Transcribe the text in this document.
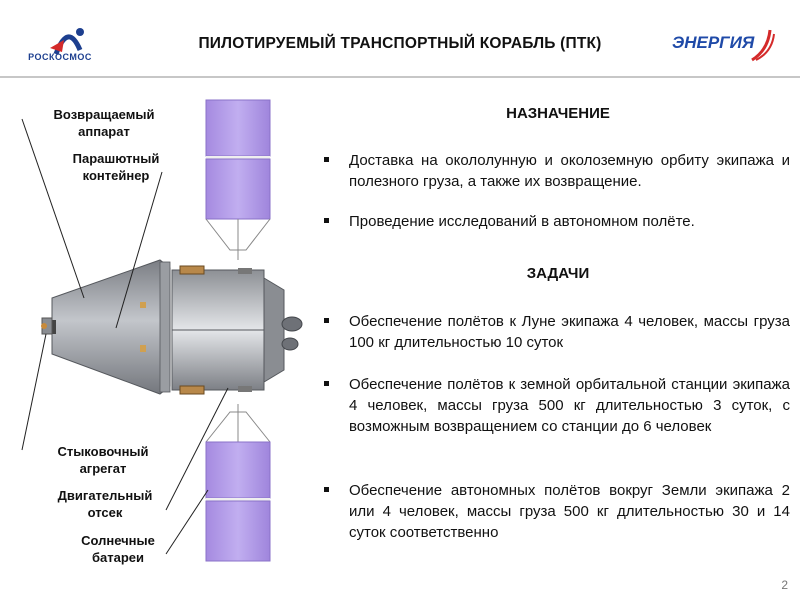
РОСКОСМОС
ПИЛОТИРУЕМЫЙ ТРАНСПОРТНЫЙ КОРАБЛЬ (ПТК)	ЭНЕРГИЯ
Возвращаемый аппарат
Парашютный контейнер
Стыковочный агрегат
Двигательный отсек
Солнечные батареи
НАЗНАЧЕНИЕ
Доставка на окололунную и околоземную орбиту экипажа и полезного груза, а также их возвращение.
Проведение исследований в автономном полёте.
ЗАДАЧИ
Обеспечение полётов к Луне экипажа 4 человек, массы груза 100 кг длительностью 10 суток
Обеспечение полётов к земной орбитальной станции экипажа 4 человек, массы груза 500 кг длительностью 3 суток, с возможным возвращением со станции до 6 человек
Обеспечение автономных полётов вокруг Земли экипажа 2 или 4 человек, массы груза 500 кг длительностью 30 и 14 суток соответственно
2
